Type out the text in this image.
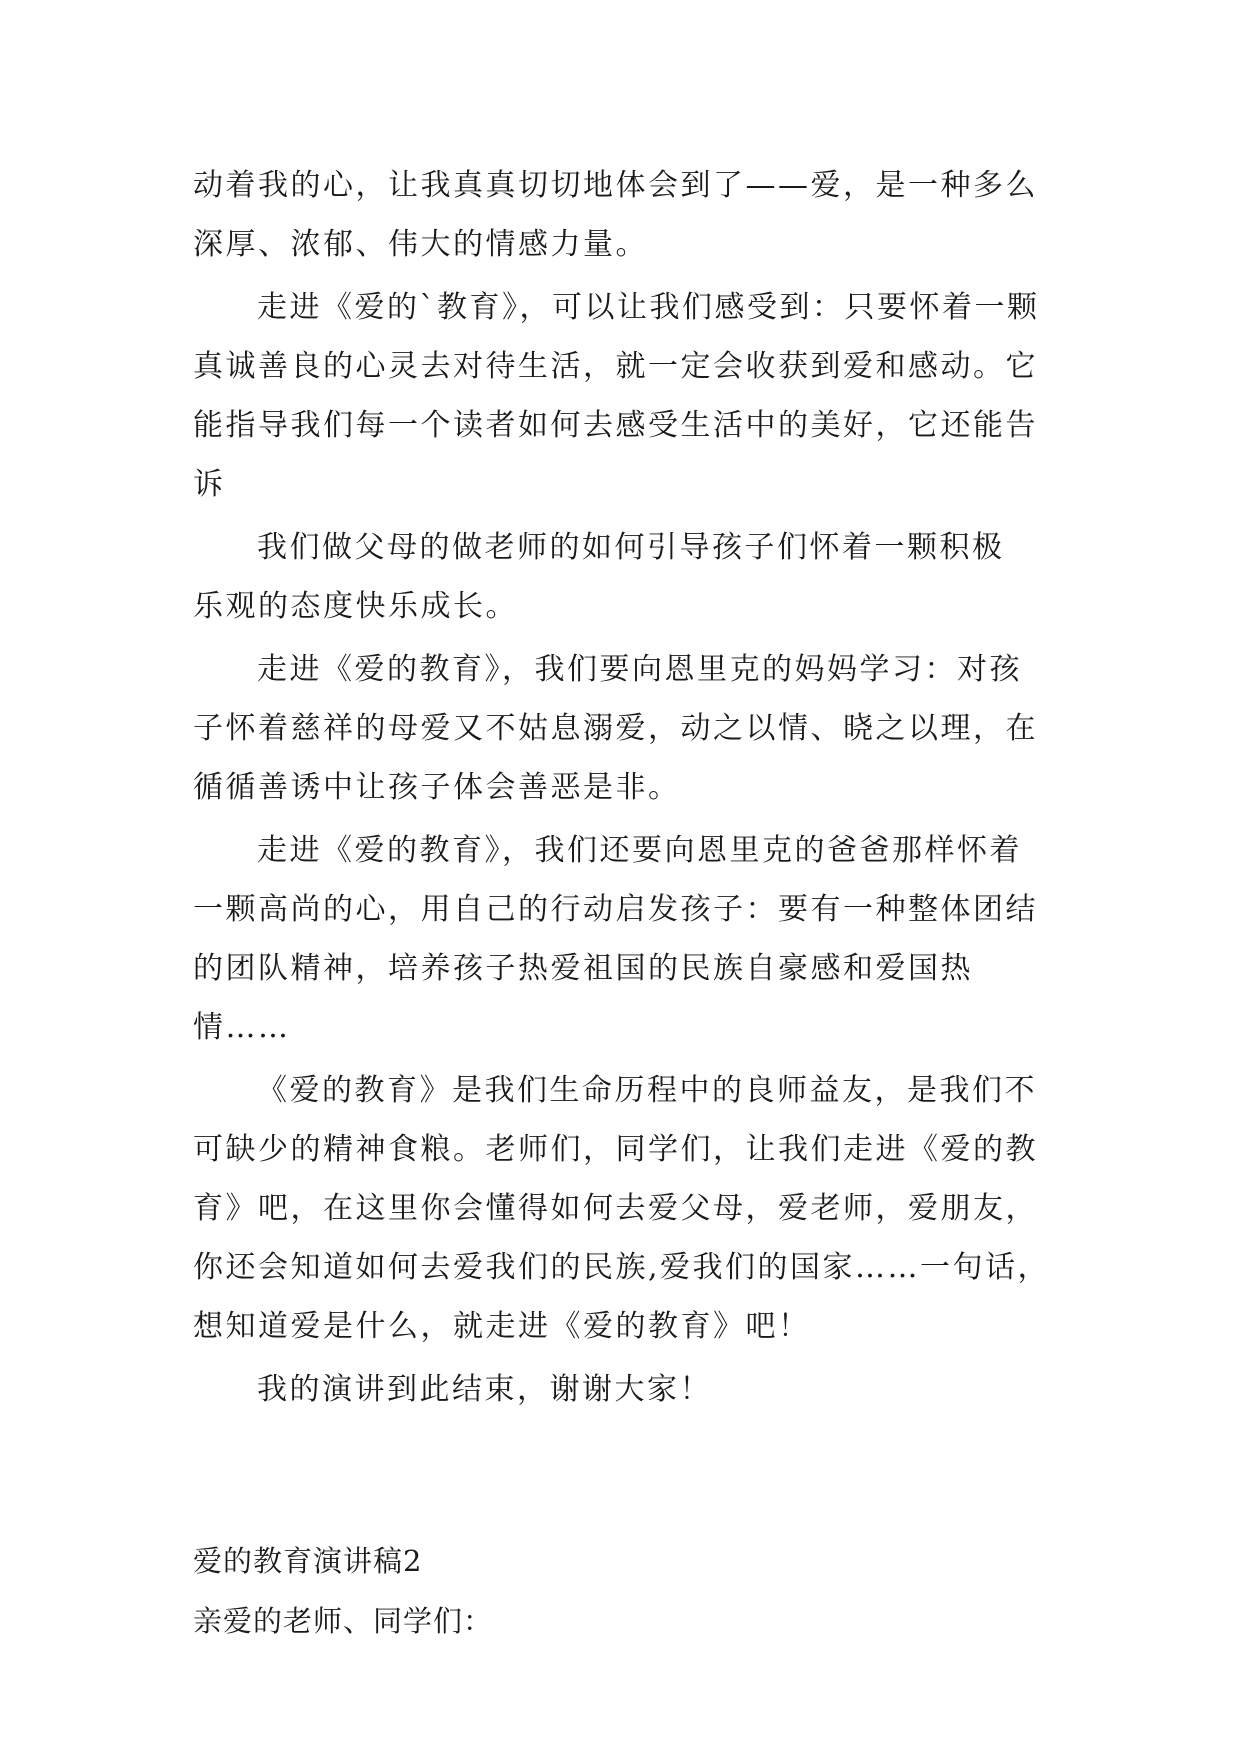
动着我的心，让我真真切切地体会到了——爱，是一种多么

深厚、浓郁、伟大的情感力量。

走进《爱的`教育》，可以让我们感受到：只要怀着一颗

真诚善良的心灵去对待生活，就一定会收获到爱和感动。它

能指导我们每一个读者如何去感受生活中的美好，它还能告

诉

我们做父母的做老师的如何引导孩子们怀着一颗积极

乐观的态度快乐成长。

走进《爱的教育》，我们要向恩里克的妈妈学习：对孩

子怀着慈祥的母爱又不姑息溺爱，动之以情、晓之以理，在

循循善诱中让孩子体会善恶是非。

走进《爱的教育》，我们还要向恩里克的爸爸那样怀着

一颗高尚的心，用自己的行动启发孩子：要有一种整体团结

的团队精神，培养孩子热爱祖国的民族自豪感和爱国热

情……

《爱的教育》是我们生命历程中的良师益友，是我们不

可缺少的精神食粮。老师们，同学们，让我们走进《爱的教

育》吧，在这里你会懂得如何去爱父母，爱老师，爱朋友，

你还会知道如何去爱我们的民族,爱我们的国家……一句话，

想知道爱是什么，就走进《爱的教育》吧！

我的演讲到此结束，谢谢大家！

爱的教育演讲稿2

亲爱的老师、同学们：
